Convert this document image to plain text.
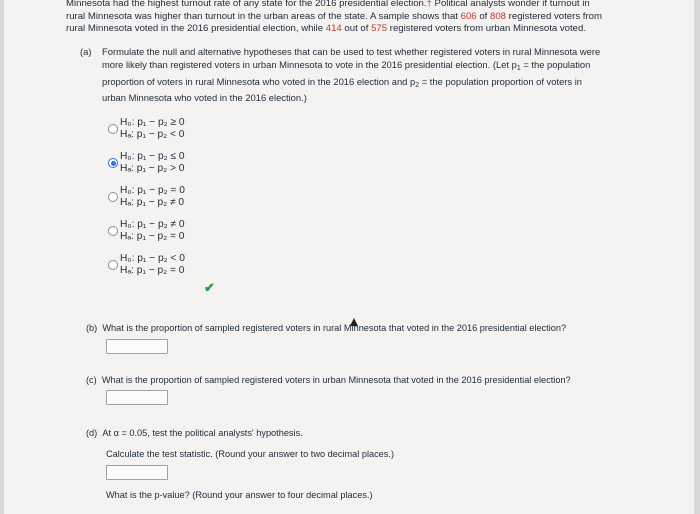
Minnesota had the highest turnout rate of any state for the 2016 presidential election.† Political analysts wonder if turnout in
rural Minnesota was higher than turnout in the urban areas of the state. A sample shows that 606 of 808 registered voters from
rural Minnesota voted in the 2016 presidential election, while 414 out of 575 registered voters from urban Minnesota voted.
(a) Formulate the null and alternative hypotheses that can be used to test whether registered voters in rural Minnesota were
more likely than registered voters in urban Minnesota to vote in the 2016 presidential election. (Let $p_1$ = the population
proportion of voters in rural Minnesota who voted in the 2016 election and $p_2$ = the population proportion of voters in
urban Minnesota who voted in the 2016 election.)
H₀: p₁ − p₂ ≥ 0
Hₐ: p₁ − p₂ < 0
H₀: p₁ − p₂ ≤ 0
Hₐ: p₁ − p₂ > 0
H₀: p₁ − p₂ = 0
Hₐ: p₁ − p₂ ≠ 0
H₀: p₁ − p₂ ≠ 0
Hₐ: p₁ − p₂ = 0
H₀: p₁ − p₂ < 0
Hₐ: p₁ − p₂ = 0
✔
(b) What is the proportion of sampled registered voters in rural Minnesota that voted in the 2016 presidential election?
(c) What is the proportion of sampled registered voters in urban Minnesota that voted in the 2016 presidential election?
(d) At α = 0.05, test the political analysts' hypothesis.
Calculate the test statistic. (Round your answer to two decimal places.)
What is the p-value? (Round your answer to four decimal places.)
